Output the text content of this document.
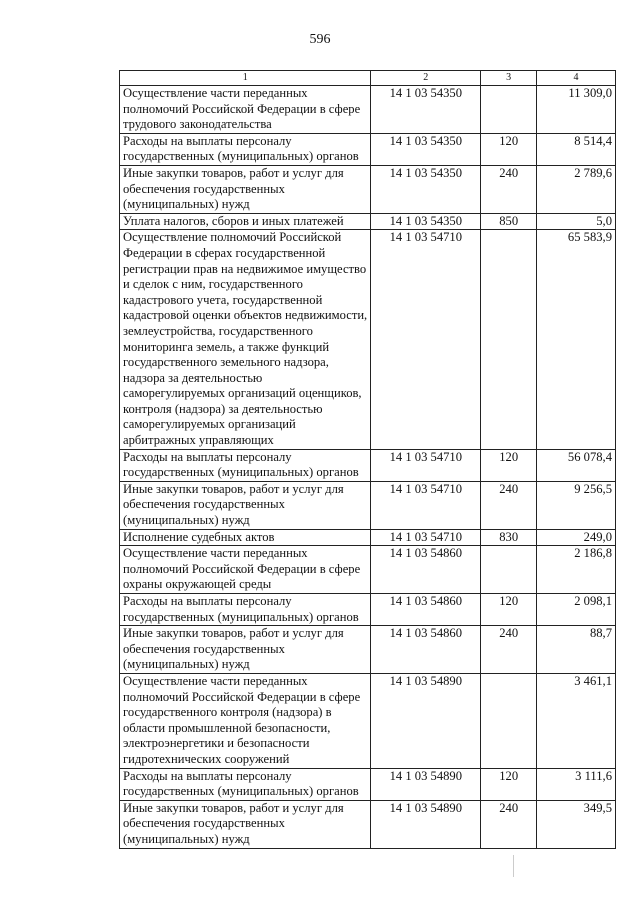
596
1	2	3	4
Осуществление части переданных полномочий Российской Федерации в сфере трудового законодательства	14 1 03 54350		11 309,0
Расходы на выплаты персоналу государственных (муниципальных) органов	14 1 03 54350	120	8 514,4
Иные закупки товаров, работ и услуг для обеспечения государственных (муниципальных) нужд	14 1 03 54350	240	2 789,6
Уплата налогов, сборов и иных платежей	14 1 03 54350	850	5,0
Осуществление полномочий Российской Федерации в сферах государственной регистрации прав на недвижимое имущество и сделок с ним, государственного кадастрового учета, государственной кадастровой оценки объектов недвижимости, землеустройства, государственного мониторинга земель, а также функций государственного земельного надзора, надзора за деятельностью саморегулируемых организаций оценщиков, контроля (надзора) за деятельностью саморегулируемых организаций арбитражных управляющих	14 1 03 54710		65 583,9
Расходы на выплаты персоналу государственных (муниципальных) органов	14 1 03 54710	120	56 078,4
Иные закупки товаров, работ и услуг для обеспечения государственных (муниципальных) нужд	14 1 03 54710	240	9 256,5
Исполнение судебных актов	14 1 03 54710	830	249,0
Осуществление части переданных полномочий Российской Федерации в сфере охраны окружающей среды	14 1 03 54860		2 186,8
Расходы на выплаты персоналу государственных (муниципальных) органов	14 1 03 54860	120	2 098,1
Иные закупки товаров, работ и услуг для обеспечения государственных (муниципальных) нужд	14 1 03 54860	240	88,7
Осуществление части переданных полномочий Российской Федерации в сфере государственного контроля (надзора) в области промышленной безопасности, электроэнергетики и безопасности гидротехнических сооружений	14 1 03 54890		3 461,1
Расходы на выплаты персоналу государственных (муниципальных) органов	14 1 03 54890	120	3 111,6
Иные закупки товаров, работ и услуг для обеспечения государственных (муниципальных) нужд	14 1 03 54890	240	349,5
